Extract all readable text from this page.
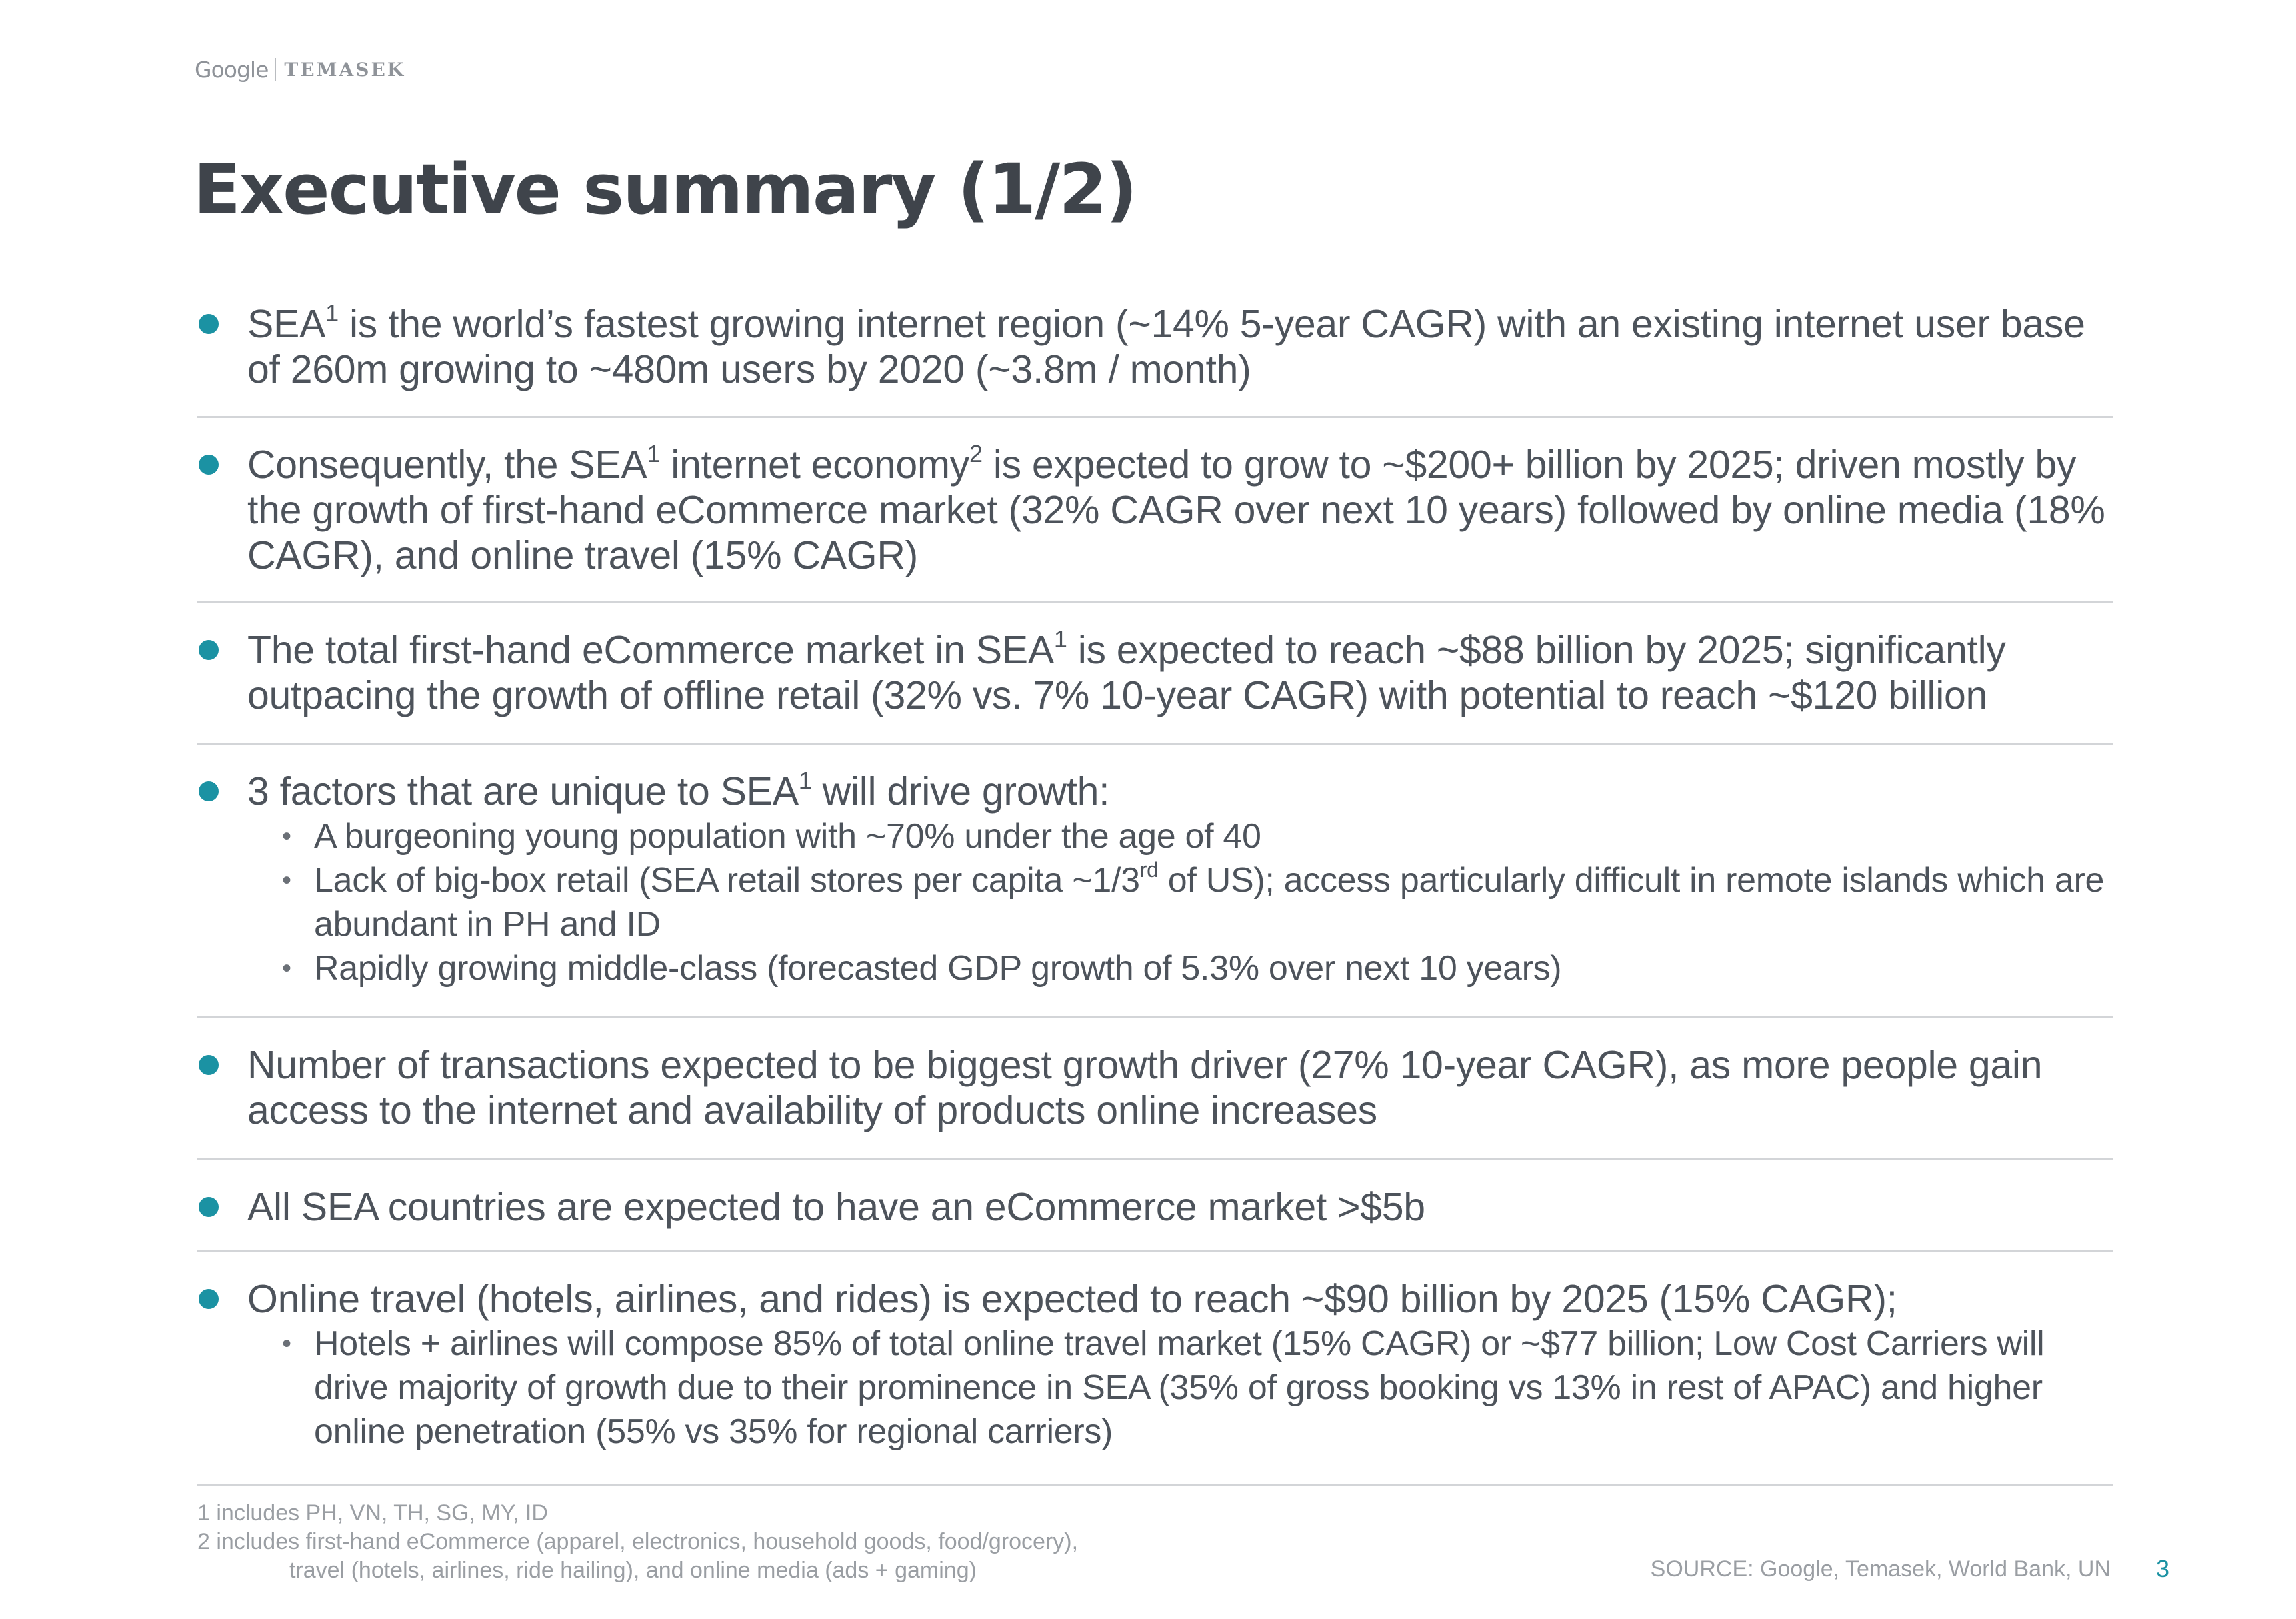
Google TEMASEK
Executive summary (1/2)
SEA$^1$ is the world’s fastest growing internet region (~14% 5-year CAGR) with an existing internet user base of 260m growing to ~480m users by 2020 (~3.8m / month)
Consequently, the SEA$^1$ internet economy$^2$ is expected to grow to ~$200+ billion by 2025; driven mostly by the growth of first-hand eCommerce market (32% CAGR over next 10 years) followed by online media (18% CAGR), and online travel (15% CAGR)
The total first-hand eCommerce market in SEA$^1$ is expected to reach ~$88 billion by 2025; significantly outpacing the growth of offline retail (32% vs. 7% 10-year CAGR) with potential to reach ~$120 billion
3 factors that are unique to SEA$^1$ will drive growth:
• A burgeoning young population with ~70% under the age of 40
• Lack of big-box retail (SEA retail stores per capita ~1/3rd of US); access particularly difficult in remote islands which are abundant in PH and ID
• Rapidly growing middle-class (forecasted GDP growth of 5.3% over next 10 years)
Number of transactions expected to be biggest growth driver (27% 10-year CAGR), as more people gain access to the internet and availability of products online increases
All SEA countries are expected to have an eCommerce market >$5b
Online travel (hotels, airlines, and rides) is expected to reach ~$90 billion by 2025 (15% CAGR);
• Hotels + airlines will compose 85% of total online travel market (15% CAGR) or ~$77 billion; Low Cost Carriers will drive majority of growth due to their prominence in SEA (35% of gross booking vs 13% in rest of APAC) and higher online penetration (55% vs 35% for regional carriers)
1 includes PH, VN, TH, SG, MY, ID
2 includes first-hand eCommerce (apparel, electronics, household goods, food/grocery),
travel (hotels, airlines, ride hailing), and online media (ads + gaming)	SOURCE: Google, Temasek, World Bank, UN 3
